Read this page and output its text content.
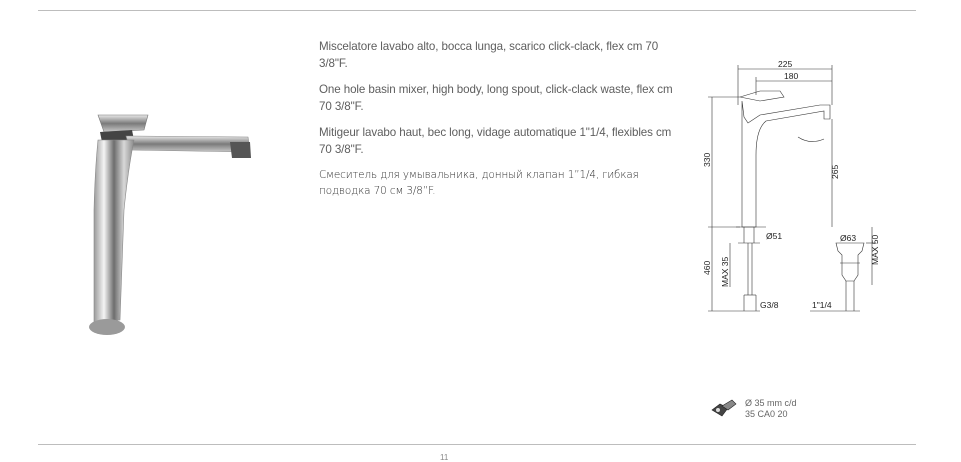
Miscelatore lavabo alto, bocca lunga, scarico click-clack, flex cm 70 3/8"F.

One hole basin mixer, high body, long spout, click-clack waste, flex cm 70 3/8"F.

Mitigeur lavabo haut, bec long, vidage automatique 1"1/4, flexibles cm 70 3/8"F.

Смеситель для умывальника, донный клапан 1”1/4, гибкая подводка 70 см 3/8”F.

225
180
330
265
Ø51	Ø63
460 MAX 35
MAX 50
G3/8	1"1/4
Ø 35 mm c/d
35 CA0 20
11
